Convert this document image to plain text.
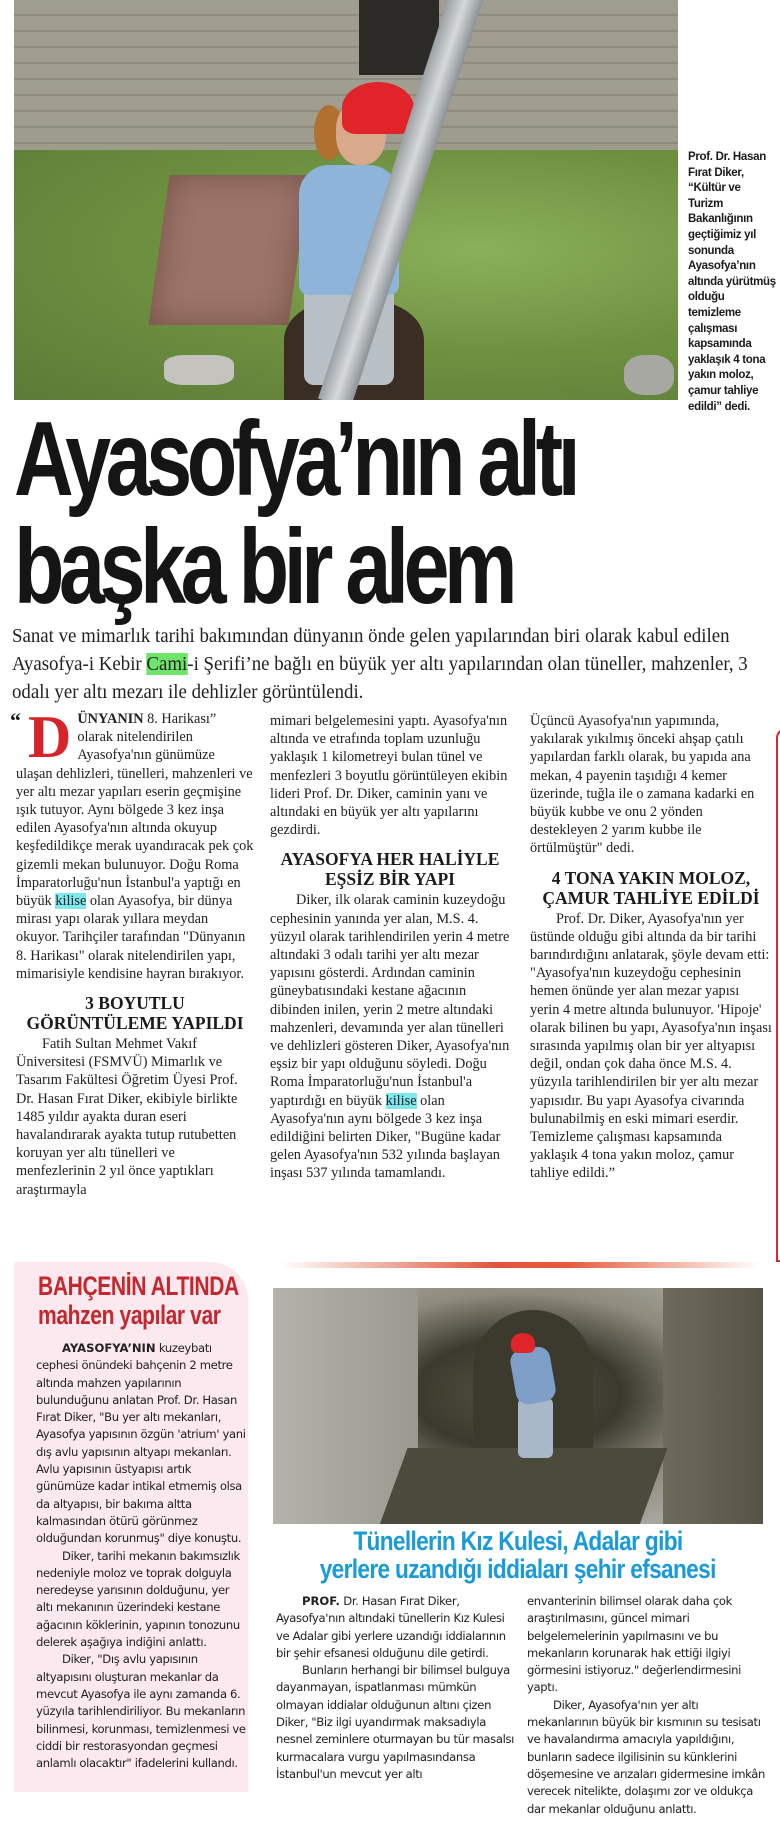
Prof. Dr. Hasan Fırat Diker, “Kültür ve Turizm Bakanlığının geçtiğimiz yıl sonunda Ayasofya’nın altında yürütmüş olduğu temizleme çalışması kapsamında yaklaşık 4 tona yakın moloz, çamur tahliye edildi” dedi.
Ayasofya’nın altı
başka bir alem
Sanat ve mimarlık tarihi bakımından dünyanın önde gelen yapılarından biri olarak kabul edilen Ayasofya-i Kebir Cami-i Şerifi’ne bağlı en büyük yer altı yapılarından olan tüneller, mahzenler, 3 odalı yer altı mezarı ile dehlizler görüntülendi.
“ DÜNYANIN 8. Harikası” olarak nitelendirilen Ayasofya'nın günümüze ulaşan dehlizleri, tünelleri, mahzenleri ve yer altı mezar yapıları eserin geçmişine ışık tutuyor. Aynı bölgede 3 kez inşa edilen Ayasofya'nın altında okuyup keşfedildikçe merak uyandıracak pek çok gizemli mekan bulunuyor. Doğu Roma İmparatorluğu'nun İstanbul'a yaptığı en büyük kilise olan Ayasofya, bir dünya mirası yapı olarak yıllara meydan okuyor. Tarihçiler tarafından "Dünyanın 8. Harikası" olarak nitelendirilen yapı, mimarisiyle kendisine hayran bırakıyor.

3 BOYUTLU GÖRÜNTÜLEME YAPILDI

Fatih Sultan Mehmet Vakıf Üniversitesi (FSMVÜ) Mimarlık ve Tasarım Fakültesi Öğretim Üyesi Prof. Dr. Hasan Fırat Diker, ekibiyle birlikte 1485 yıldır ayakta duran eseri havalandırarak ayakta tutup rutubetten koruyan yer altı tünelleri ve menfezlerinin 2 yıl önce yaptıkları araştırmayla

mimari belgelemesini yaptı. Ayasofya'nın altında ve etrafında toplam uzunluğu yaklaşık 1 kilometreyi bulan tünel ve menfezleri 3 boyutlu görüntüleyen ekibin lideri Prof. Dr. Diker, caminin yanı ve altındaki en büyük yer altı yapılarını gezdirdi.

AYASOFYA HER HALİYLE EŞSİZ BİR YAPI

Diker, ilk olarak caminin kuzeydoğu cephesinin yanında yer alan, M.S. 4. yüzyıl olarak tarihlendirilen yerin 4 metre altındaki 3 odalı tarihi yer altı mezar yapısını gösterdi. Ardından caminin güneybatısındaki kestane ağacının dibinden inilen, yerin 2 metre altındaki mahzenleri, devamında yer alan tünelleri ve dehlizleri gösteren Diker, Ayasofya'nın eşsiz bir yapı olduğunu söyledi. Doğu Roma İmparatorluğu'nun İstanbul'a yaptırdığı en büyük kilise olan Ayasofya'nın aynı bölgede 3 kez inşa edildiğini belirten Diker, "Bugüne kadar gelen Ayasofya'nın 532 yılında başlayan inşası 537 yılında tamamlandı.

Üçüncü Ayasofya'nın yapımında, yakılarak yıkılmış önceki ahşap çatılı yapılardan farklı olarak, bu yapıda ana mekan, 4 payenin taşıdığı 4 kemer üzerinde, tuğla ile o zamana kadarki en büyük kubbe ve onu 2 yönden destekleyen 2 yarım kubbe ile örtülmüştür" dedi.

4 TONA YAKIN MOLOZ, ÇAMUR TAHLİYE EDİLDİ

Prof. Dr. Diker, Ayasofya'nın yer üstünde olduğu gibi altında da bir tarihi barındırdığını anlatarak, şöyle devam etti: "Ayasofya'nın kuzeydoğu cephesinin hemen önünde yer alan mezar yapısı yerin 4 metre altında bulunuyor. 'Hipoje' olarak bilinen bu yapı, Ayasofya'nın inşası sırasında yapılmış olan bir yer altyapısı değil, ondan çok daha önce M.S. 4. yüzyıla tarihlendirilen bir yer altı mezar yapısıdır. Bu yapı Ayasofya civarında bulunabilmiş en eski mimari eserdir. Temizleme çalışması kapsamında yaklaşık 4 tona yakın moloz, çamur tahliye edildi.”

BAHÇENİN ALTINDA
mahzen yapılar var

AYASOFYA’NIN kuzeybatı cephesi önündeki bahçenin 2 metre altında mahzen yapılarının bulunduğunu anlatan Prof. Dr. Hasan Fırat Diker, "Bu yer altı mekanları, Ayasofya yapısının özgün 'atrium' yani dış avlu yapısının altyapı mekanları. Avlu yapısının üstyapısı artık günümüze kadar intikal etmemiş olsa da altyapısı, bir bakıma altta kalmasından ötürü görünmez olduğundan korunmuş" diye konuştu.

Diker, tarihi mekanın bakımsızlık nedeniyle moloz ve toprak dolguyla neredeyse yarısının dolduğunu, yer altı mekanının üzerindeki kestane ağacının köklerinin, yapının tonozunu delerek aşağıya indiğini anlattı.

Diker, "Dış avlu yapısının altyapısını oluşturan mekanlar da mevcut Ayasofya ile aynı zamanda 6. yüzyıla tarihlendiriliyor. Bu mekanların bilinmesi, korunması, temizlenmesi ve ciddi bir restorasyondan geçmesi anlamlı olacaktır" ifadelerini kullandı.

Tünellerin Kız Kulesi, Adalar gibi
yerlere uzandığı iddiaları şehir efsanesi

PROF. Dr. Hasan Fırat Diker, Ayasofya'nın altındaki tünellerin Kız Kulesi ve Adalar gibi yerlere uzandığı iddialarının bir şehir efsanesi olduğunu dile getirdi.

Bunların herhangi bir bilimsel bulguya dayanmayan, ispatlanması mümkün olmayan iddialar olduğunun altını çizen Diker, "Biz ilgi uyandırmak maksadıyla nesnel zeminlere oturmayan bu tür masalsı kurmacalara vurgu yapılmasındansa İstanbul'un mevcut yer altı

envanterinin bilimsel olarak daha çok araştırılmasını, güncel mimari belgelemelerinin yapılmasını ve bu mekanların korunarak hak ettiği ilgiyi görmesini istiyoruz." değerlendirmesini yaptı.

Diker, Ayasofya'nın yer altı mekanlarının büyük bir kısmının su tesisatı ve havalandırma amacıyla yapıldığını, bunların sadece ilgilisinin su künklerini döşemesine ve arızaları gidermesine imkân verecek nitelikte, dolaşımı zor ve oldukça dar mekanlar olduğunu anlattı.
